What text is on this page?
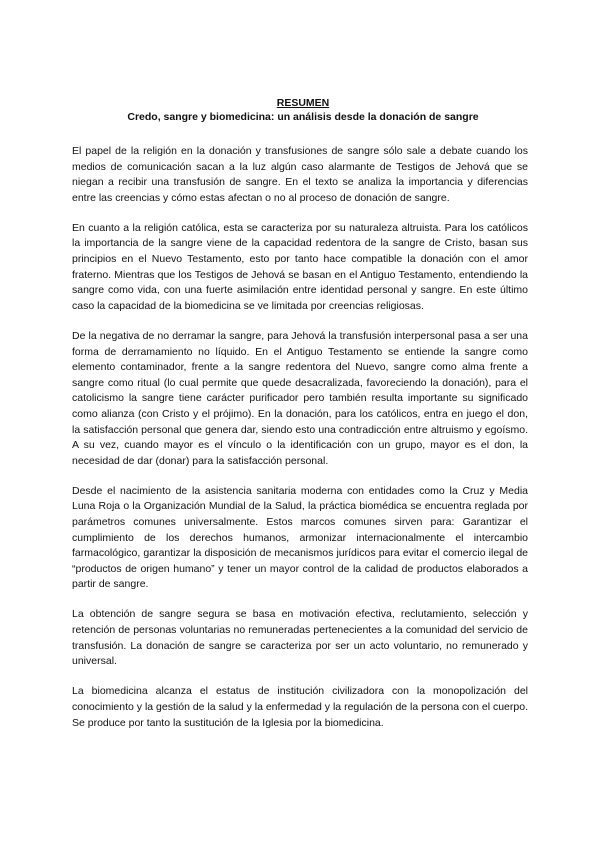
RESUMEN

Credo, sangre y biomedicina: un análisis desde la donación de sangre

El papel de la religión en la donación y transfusiones de sangre sólo sale a debate cuando los medios de comunicación sacan a la luz algún caso alarmante de Testigos de Jehová que se niegan a recibir una transfusión de sangre. En el texto se analiza la importancia y diferencias entre las creencias y cómo estas afectan o no al proceso de donación de sangre.

En cuanto a la religión católica, esta se caracteriza por su naturaleza altruista. Para los católicos la importancia de la sangre viene de la capacidad redentora de la sangre de Cristo, basan sus principios en el Nuevo Testamento, esto por tanto hace compatible la donación con el amor fraterno. Mientras que los Testigos de Jehová se basan en el Antiguo Testamento, entendiendo la sangre como vida, con una fuerte asimilación entre identidad personal y sangre. En este último caso la capacidad de la biomedicina se ve limitada por creencias religiosas.

De la negativa de no derramar la sangre, para Jehová la transfusión interpersonal pasa a ser una forma de derramamiento no líquido. En el Antiguo Testamento se entiende la sangre como elemento contaminador, frente a la sangre redentora del Nuevo, sangre como alma frente a sangre como ritual (lo cual permite que quede desacralizada, favoreciendo la donación), para el catolicismo la sangre tiene carácter purificador pero también resulta importante su significado como alianza (con Cristo y el prójimo). En la donación, para los católicos, entra en juego el don, la satisfacción personal que genera dar, siendo esto una contradicción entre altruismo y egoísmo. A su vez, cuando mayor es el vínculo o la identificación con un grupo, mayor es el don, la necesidad de dar (donar) para la satisfacción personal.

Desde el nacimiento de la asistencia sanitaria moderna con entidades como la Cruz y Media Luna Roja o la Organización Mundial de la Salud, la práctica biomédica se encuentra reglada por parámetros comunes universalmente. Estos marcos comunes sirven para: Garantizar el cumplimiento de los derechos humanos, armonizar internacionalmente el intercambio farmacológico, garantizar la disposición de mecanismos jurídicos para evitar el comercio ilegal de “productos de origen humano” y tener un mayor control de la calidad de productos elaborados a partir de sangre.

La obtención de sangre segura se basa en motivación efectiva, reclutamiento, selección y retención de personas voluntarias no remuneradas pertenecientes a la comunidad del servicio de transfusión. La donación de sangre se caracteriza por ser un acto voluntario, no remunerado y universal.

La biomedicina alcanza el estatus de institución civilizadora con la monopolización del conocimiento y la gestión de la salud y la enfermedad y la regulación de la persona con el cuerpo. Se produce por tanto la sustitución de la Iglesia por la biomedicina.
